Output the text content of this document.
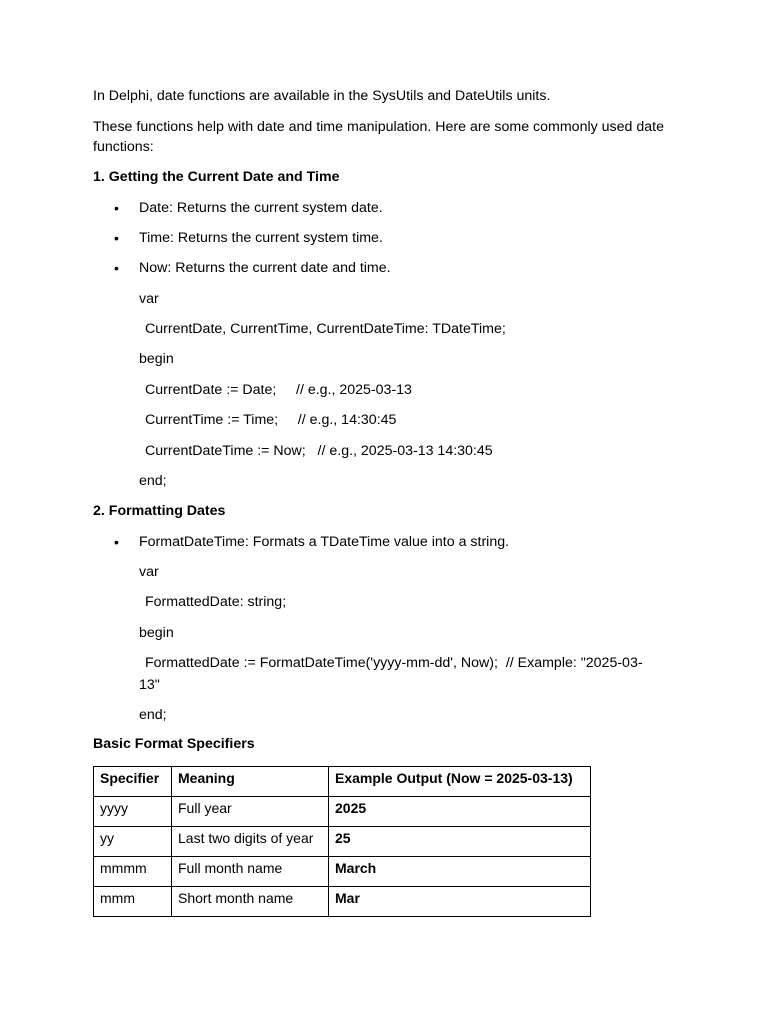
In Delphi, date functions are available in the SysUtils and DateUtils units.
These functions help with date and time manipulation. Here are some commonly used date functions:
1. Getting the Current Date and Time
• Date: Returns the current system date.
• Time: Returns the current system time.
• Now: Returns the current date and time.
var
CurrentDate, CurrentTime, CurrentDateTime: TDateTime;
begin
CurrentDate := Date;     // e.g., 2025-03-13
CurrentTime := Time;     // e.g., 14:30:45
CurrentDateTime := Now;   // e.g., 2025-03-13 14:30:45
end;
2. Formatting Dates
• FormatDateTime: Formats a TDateTime value into a string.
var
FormattedDate: string;
begin
FormattedDate := FormatDateTime('yyyy-mm-dd', Now);  // Example: "2025-03-
13"
end;
Basic Format Specifiers
Specifier	Meaning	Example Output (Now = 2025-03-13)
yyyy	Full year	2025
yy	Last two digits of year	25
mmmm	Full month name	March
mmm	Short month name	Mar
